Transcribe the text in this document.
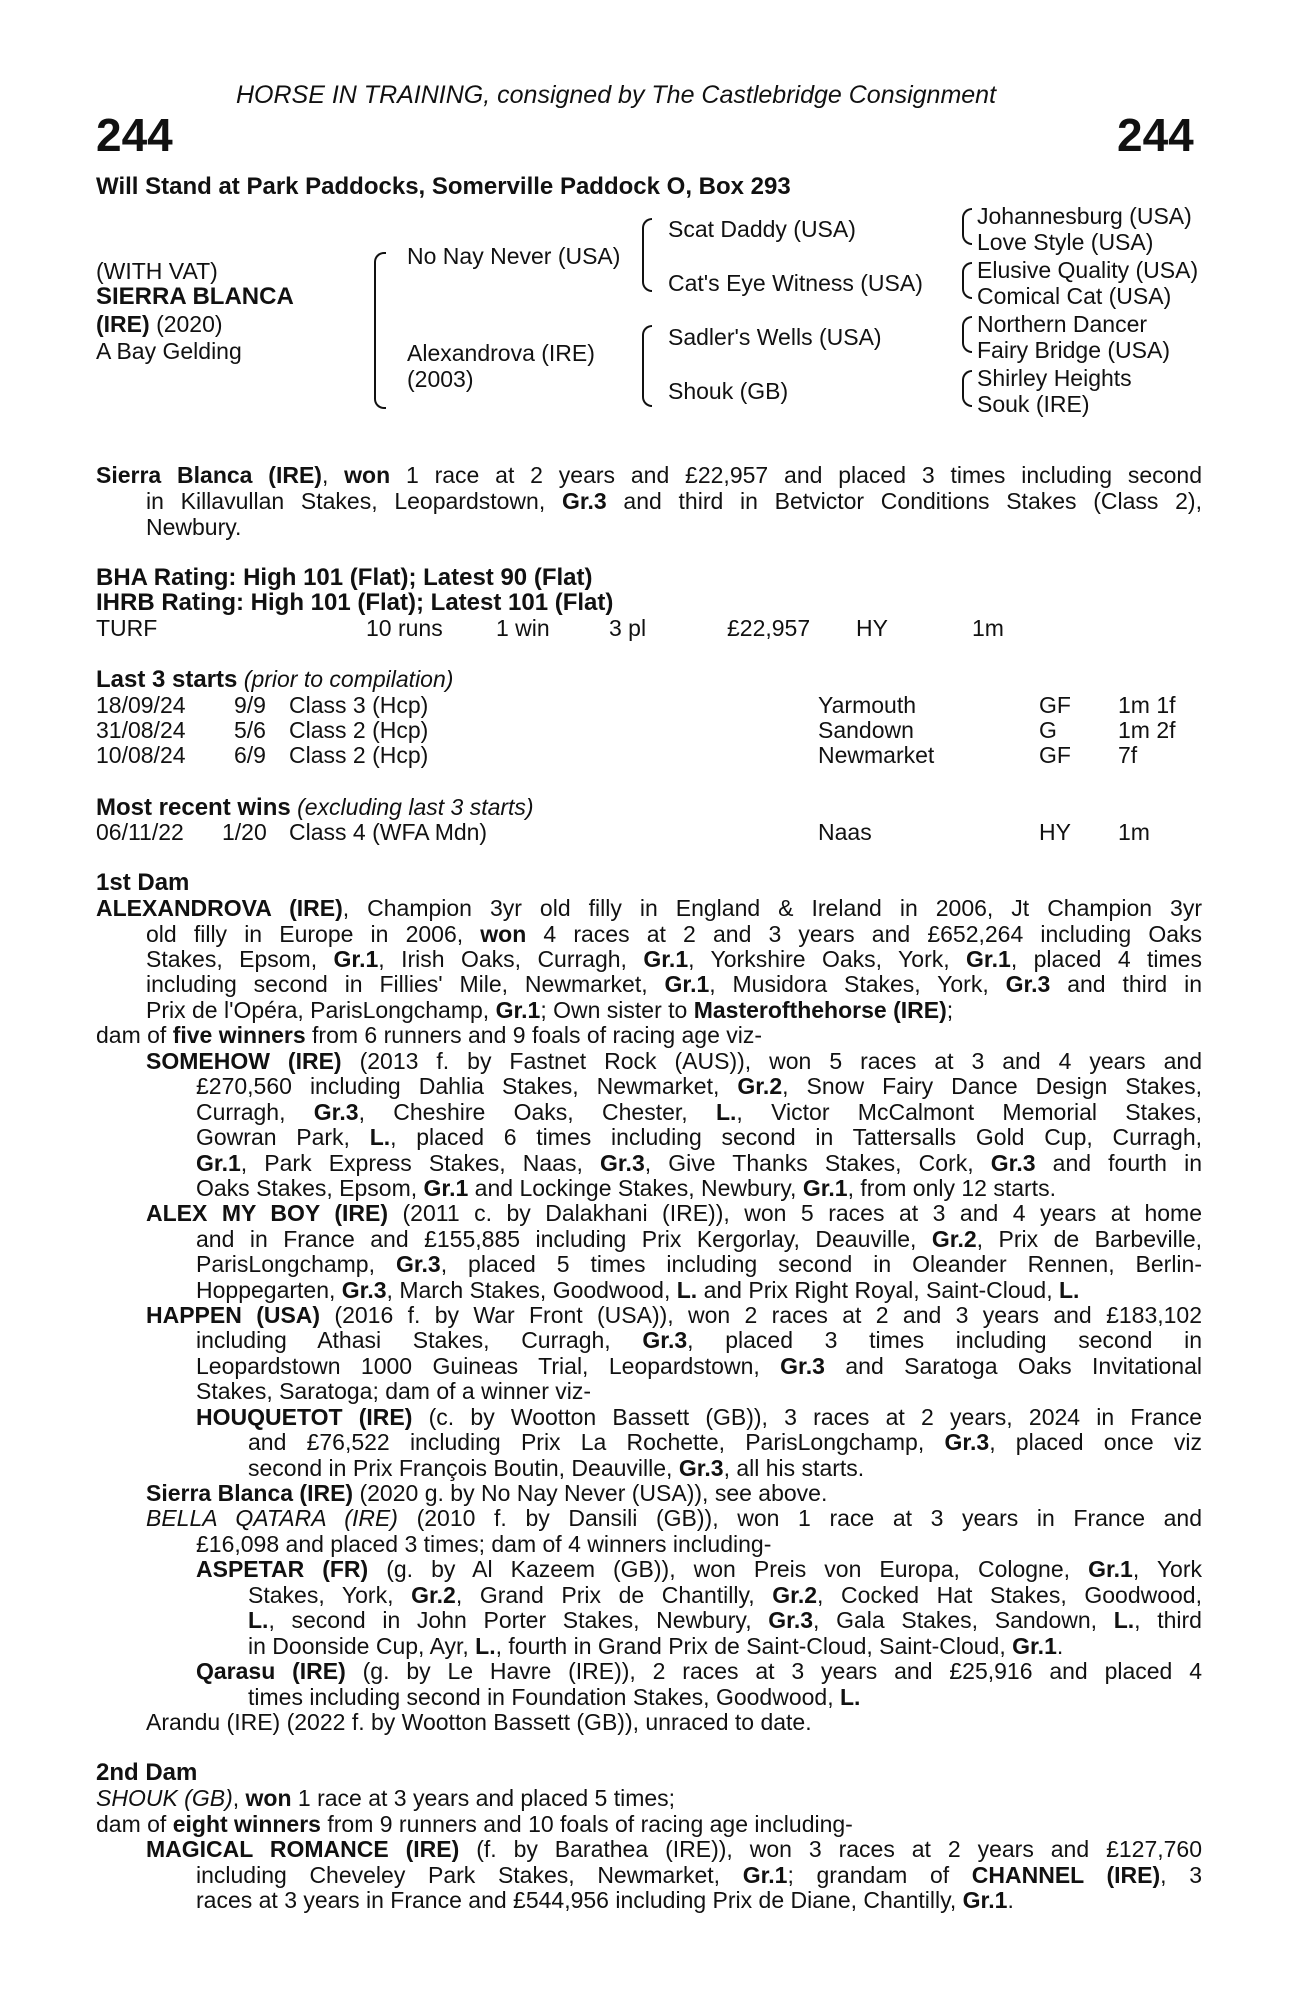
HORSE IN TRAINING, consigned by The Castlebridge Consignment
244	244
Will Stand at Park Paddocks, Somerville Paddock O, Box 293
(WITH VAT)
SIERRA BLANCA
(IRE) (2020)
A Bay Gelding
No Nay Never (USA)
Alexandrova (IRE)
(2003)
Scat Daddy (USA)
Cat's Eye Witness (USA)
Sadler's Wells (USA)
Shouk (GB)
Johannesburg (USA)
Love Style (USA)
Elusive Quality (USA)
Comical Cat (USA)
Northern Dancer
Fairy Bridge (USA)
Shirley Heights
Souk (IRE)
Sierra Blanca (IRE), won 1 race at 2 years and £22,957 and placed 3 times including second
in Killavullan Stakes, Leopardstown, Gr.3 and third in Betvictor Conditions Stakes (Class 2),
Newbury.
BHA Rating: High 101 (Flat); Latest 90 (Flat)
IHRB Rating: High 101 (Flat); Latest 101 (Flat)
TURF	10 runs 1 win	3 pl	£22,957 HY	1m
Last 3 starts (prior to compilation)
18/09/24 9/9 Class 3 (Hcp)	Yarmouth	GF 1m 1f
31/08/24 5/6 Class 2 (Hcp)	Sandown	G	1m 2f
10/08/24 6/9 Class 2 (Hcp)	Newmarket	GF 7f
Most recent wins (excluding last 3 starts)
06/11/22 1/20 Class 4 (WFA Mdn)	Naas	HY 1m
1st Dam
ALEXANDROVA (IRE), Champion 3yr old filly in England & Ireland in 2006, Jt Champion 3yr
old filly in Europe in 2006, won 4 races at 2 and 3 years and £652,264 including Oaks
Stakes, Epsom, Gr.1, Irish Oaks, Curragh, Gr.1, Yorkshire Oaks, York, Gr.1, placed 4 times
including second in Fillies' Mile, Newmarket, Gr.1, Musidora Stakes, York, Gr.3 and third in
Prix de l'Opéra, ParisLongchamp, Gr.1; Own sister to Masterofthehorse (IRE);
dam of five winners from 6 runners and 9 foals of racing age viz-
SOMEHOW (IRE) (2013 f. by Fastnet Rock (AUS)), won 5 races at 3 and 4 years and
£270,560 including Dahlia Stakes, Newmarket, Gr.2, Snow Fairy Dance Design Stakes,
Curragh, Gr.3, Cheshire Oaks, Chester, L., Victor McCalmont Memorial Stakes,
Gowran Park, L., placed 6 times including second in Tattersalls Gold Cup, Curragh,
Gr.1, Park Express Stakes, Naas, Gr.3, Give Thanks Stakes, Cork, Gr.3 and fourth in
Oaks Stakes, Epsom, Gr.1 and Lockinge Stakes, Newbury, Gr.1, from only 12 starts.
ALEX MY BOY (IRE) (2011 c. by Dalakhani (IRE)), won 5 races at 3 and 4 years at home
and in France and £155,885 including Prix Kergorlay, Deauville, Gr.2, Prix de Barbeville,
ParisLongchamp, Gr.3, placed 5 times including second in Oleander Rennen, Berlin-
Hoppegarten, Gr.3, March Stakes, Goodwood, L. and Prix Right Royal, Saint-Cloud, L.
HAPPEN (USA) (2016 f. by War Front (USA)), won 2 races at 2 and 3 years and £183,102
including Athasi Stakes, Curragh, Gr.3, placed 3 times including second in
Leopardstown 1000 Guineas Trial, Leopardstown, Gr.3 and Saratoga Oaks Invitational
Stakes, Saratoga; dam of a winner viz-
HOUQUETOT (IRE) (c. by Wootton Bassett (GB)), 3 races at 2 years, 2024 in France
and £76,522 including Prix La Rochette, ParisLongchamp, Gr.3, placed once viz
second in Prix François Boutin, Deauville, Gr.3, all his starts.
Sierra Blanca (IRE) (2020 g. by No Nay Never (USA)), see above.
BELLA QATARA (IRE) (2010 f. by Dansili (GB)), won 1 race at 3 years in France and
£16,098 and placed 3 times; dam of 4 winners including-
ASPETAR (FR) (g. by Al Kazeem (GB)), won Preis von Europa, Cologne, Gr.1, York
Stakes, York, Gr.2, Grand Prix de Chantilly, Gr.2, Cocked Hat Stakes, Goodwood,
L., second in John Porter Stakes, Newbury, Gr.3, Gala Stakes, Sandown, L., third
in Doonside Cup, Ayr, L., fourth in Grand Prix de Saint-Cloud, Saint-Cloud, Gr.1.
Qarasu (IRE) (g. by Le Havre (IRE)), 2 races at 3 years and £25,916 and placed 4
times including second in Foundation Stakes, Goodwood, L.
Arandu (IRE) (2022 f. by Wootton Bassett (GB)), unraced to date.
2nd Dam
SHOUK (GB), won 1 race at 3 years and placed 5 times;
dam of eight winners from 9 runners and 10 foals of racing age including-
MAGICAL ROMANCE (IRE) (f. by Barathea (IRE)), won 3 races at 2 years and £127,760
including Cheveley Park Stakes, Newmarket, Gr.1; grandam of CHANNEL (IRE), 3
races at 3 years in France and £544,956 including Prix de Diane, Chantilly, Gr.1.
